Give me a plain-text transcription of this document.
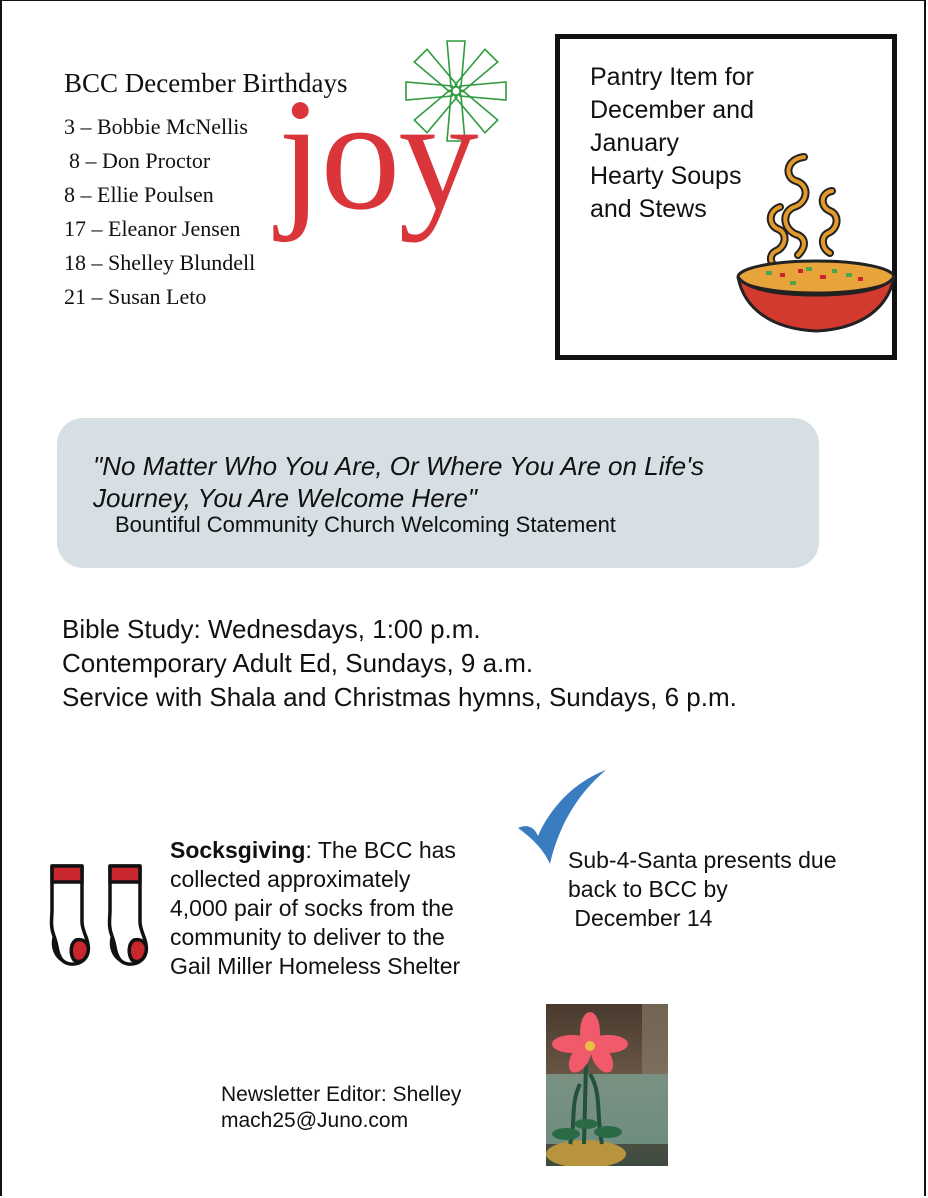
BCC December Birthdays
3 – Bobbie McNellis
8 – Don Proctor
8 – Ellie Poulsen
17 – Eleanor Jensen
18 – Shelley Blundell
21 – Susan Leto
joy	Pantry Item for
December and
January
Hearty Soups
and Stews
"No Matter Who You Are, Or Where You Are on Life's
Journey, You Are Welcome Here"
Bountiful Community Church Welcoming Statement
Bible Study: Wednesdays, 1:00 p.m.
Contemporary Adult Ed, Sundays, 9 a.m.
Service with Shala and Christmas hymns, Sundays, 6 p.m.
Socksgiving: The BCC has
collected approximately
4,000 pair of socks from the
community to deliver to the
Gail Miller Homeless Shelter
Sub-4-Santa presents due
back to BCC by
December 14
Newsletter Editor: Shelley
mach25@Juno.com
